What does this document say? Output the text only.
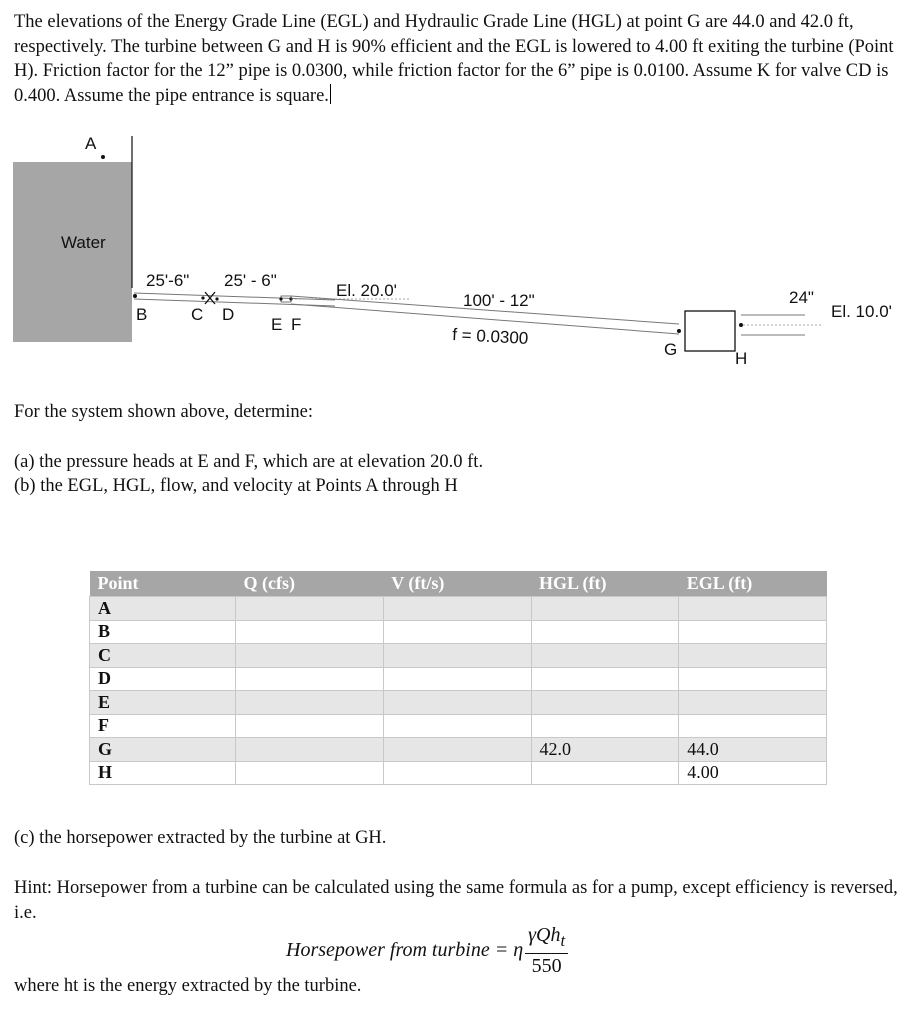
The elevations of the Energy Grade Line (EGL) and Hydraulic Grade Line (HGL) at point G are 44.0 and 42.0 ft, respectively. The turbine between G and H is 90% efficient and the EGL is lowered to 4.00 ft exiting the turbine (Point H). Friction factor for the 12” pipe is 0.0300, while friction factor for the 6” pipe is 0.0100. Assume K for valve CD is 0.400. Assume the pipe entrance is square.

A
Water
B	C D
25'-6" 25' - 6"
E F
El. 20.0'
100' - 12"
f = 0.0300
G	H
24"
El. 10.0'

For the system shown above, determine:

(a) the pressure heads at E and F, which are at elevation 20.0 ft.

(b) the EGL, HGL, flow, and velocity at Points A through H

Point	Q (cfs)	V (ft/s)	HGL (ft)	EGL (ft)
A				
B				
C				
D				
E				
F				
G			42.0	44.0
H				4.00

(c) the horsepower extracted by the turbine at GH.

Hint: Horsepower from a turbine can be calculated using the same formula as for a pump, except efficiency is reversed, i.e.

Horsepower from turbine = η $\frac{\gamma Qh_t}{550}$

where ht is the energy extracted by the turbine.
